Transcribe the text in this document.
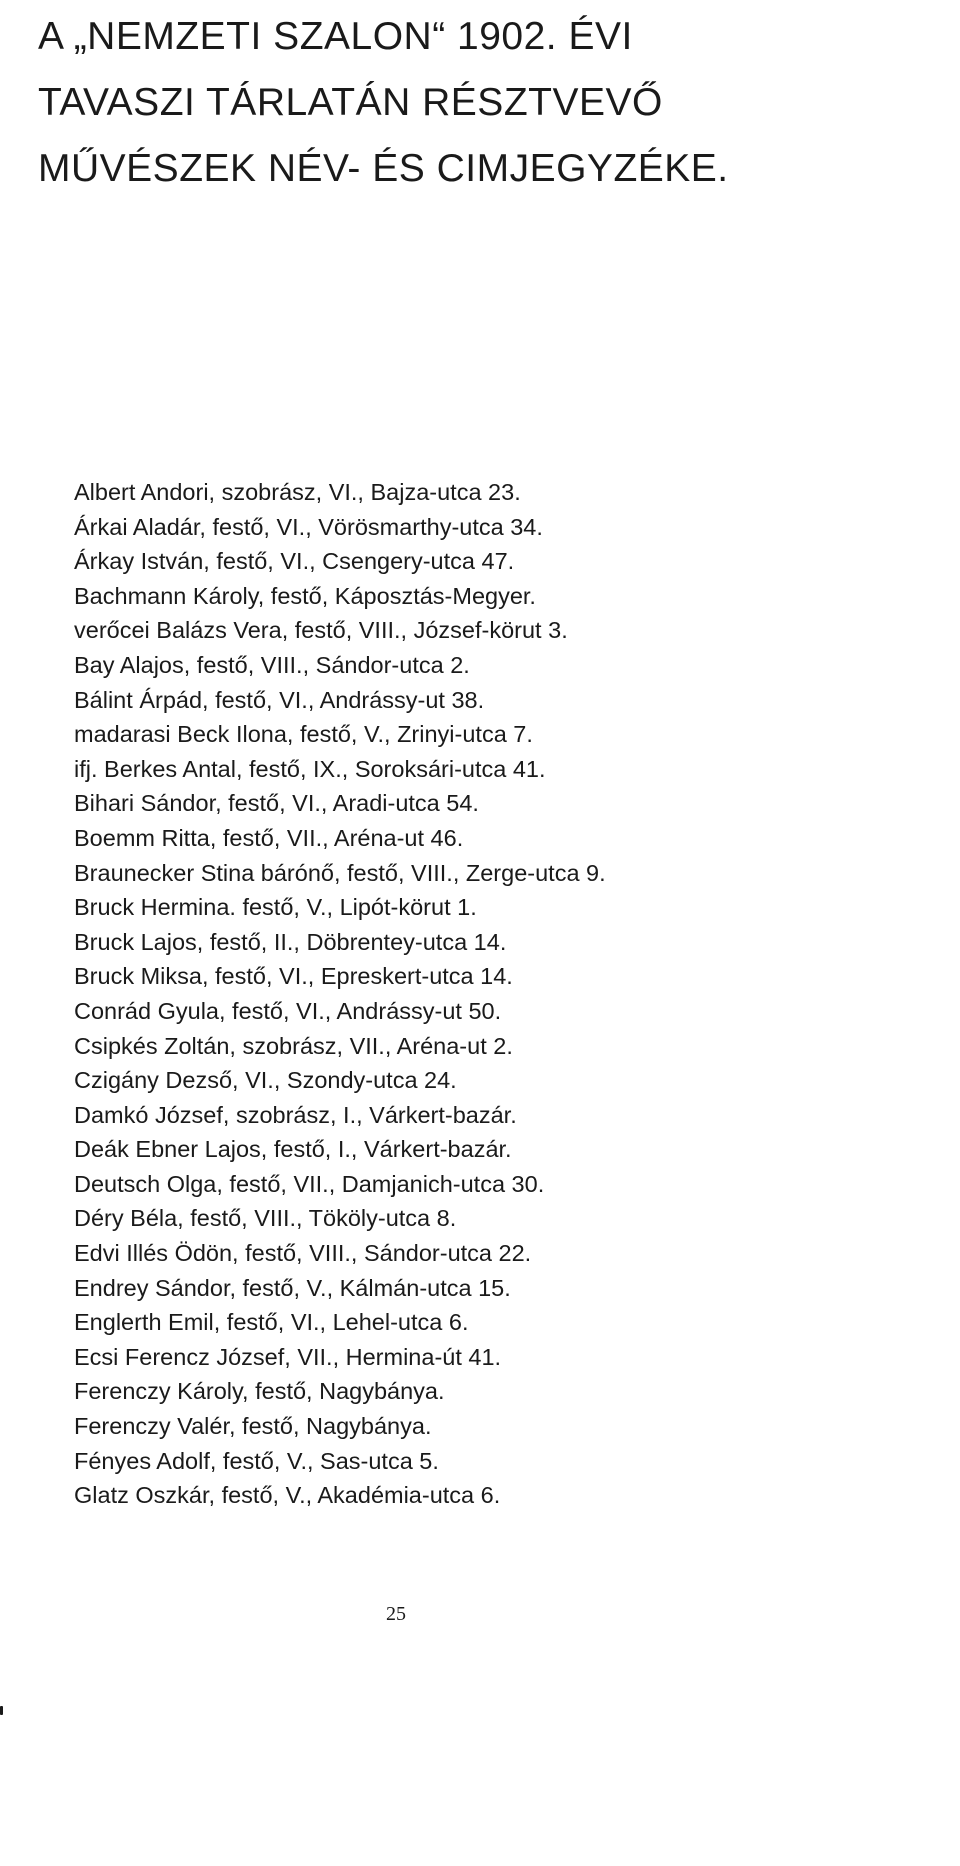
A „NEMZETI SZALON“ 1902. ÉVI
TAVASZI TÁRLATÁN RÉSZTVEVŐ
MŰVÉSZEK NÉV- ÉS CIMJEGYZÉKE.
Albert Andori, szobrász, VI., Bajza-utca 23.
Árkai Aladár, festő, VI., Vörösmarthy-utca 34.
Árkay István, festő, VI., Csengery-utca 47.
Bachmann Károly, festő, Káposztás-Megyer.
verőcei Balázs Vera, festő, VIII., József-körut 3.
Bay Alajos, festő, VIII., Sándor-utca 2.
Bálint Árpád, festő, VI., Andrássy-ut 38.
madarasi Beck Ilona, festő, V., Zrinyi-utca 7.
ifj. Berkes Antal, festő, IX., Soroksári-utca 41.
Bihari Sándor, festő, VI., Aradi-utca 54.
Boemm Ritta, festő, VII., Aréna-ut 46.
Braunecker Stina bárónő, festő, VIII., Zerge-utca 9.
Bruck Hermina. festő, V., Lipót-körut 1.
Bruck Lajos, festő, II., Döbrentey-utca 14.
Bruck Miksa, festő, VI., Epreskert-utca 14.
Conrád Gyula, festő, VI., Andrássy-ut 50.
Csipkés Zoltán, szobrász, VII., Aréna-ut 2.
Czigány Dezső, VI., Szondy-utca 24.
Damkó József, szobrász, I., Várkert-bazár.
Deák Ebner Lajos, festő, I., Várkert-bazár.
Deutsch Olga, festő, VII., Damjanich-utca 30.
Déry Béla, festő, VIII., Tököly-utca 8.
Edvi Illés Ödön, festő, VIII., Sándor-utca 22.
Endrey Sándor, festő, V., Kálmán-utca 15.
Englerth Emil, festő, VI., Lehel-utca 6.
Ecsi Ferencz József, VII., Hermina-út 41.
Ferenczy Károly, festő, Nagybánya.
Ferenczy Valér, festő, Nagybánya.
Fényes Adolf, festő, V., Sas-utca 5.
Glatz Oszkár, festő, V., Akadémia-utca 6.
25
